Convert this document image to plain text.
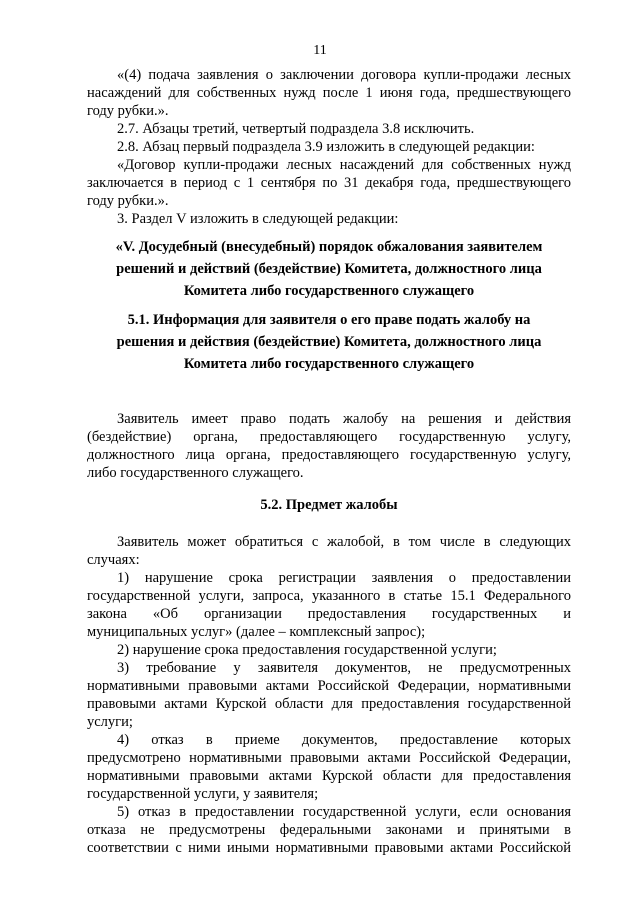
11
«(4) подача заявления о заключении договора купли-продажи лесных
насаждений для собственных нужд после 1 июня года, предшествующего
году рубки.».
2.7. Абзацы третий, четвертый подраздела 3.8 исключить.
2.8. Абзац первый подраздела 3.9 изложить в следующей редакции:
«Договор купли-продажи лесных насаждений для собственных нужд
заключается в период с 1 сентября по 31 декабря года, предшествующего
году рубки.».
3. Раздел V изложить в следующей редакции:
«V. Досудебный (внесудебный) порядок обжалования заявителем
решений и действий (бездействие) Комитета, должностного лица
Комитета либо государственного служащего
5.1. Информация для заявителя о его праве подать жалобу на
решения и действия (бездействие) Комитета, должностного лица
Комитета либо государственного служащего
Заявитель имеет право подать жалобу на решения и действия
(бездействие) органа, предоставляющего государственную услугу,
должностного лица органа, предоставляющего государственную услугу,
либо государственного служащего.
5.2. Предмет жалобы
Заявитель может обратиться с жалобой, в том числе в следующих
случаях:
1) нарушение срока регистрации заявления о предоставлении
государственной услуги, запроса, указанного в статье 15.1 Федерального
закона «Об организации предоставления государственных и
муниципальных услуг» (далее – комплексный запрос);
2) нарушение срока предоставления государственной услуги;
3) требование у заявителя документов, не предусмотренных
нормативными правовыми актами Российской Федерации, нормативными
правовыми актами Курской области для предоставления государственной
услуги;
4) отказ в приеме документов, предоставление которых
предусмотрено нормативными правовыми актами Российской Федерации,
нормативными правовыми актами Курской области для предоставления
государственной услуги, у заявителя;
5) отказ в предоставлении государственной услуги, если основания
отказа не предусмотрены федеральными законами и принятыми в
соответствии с ними иными нормативными правовыми актами Российской
